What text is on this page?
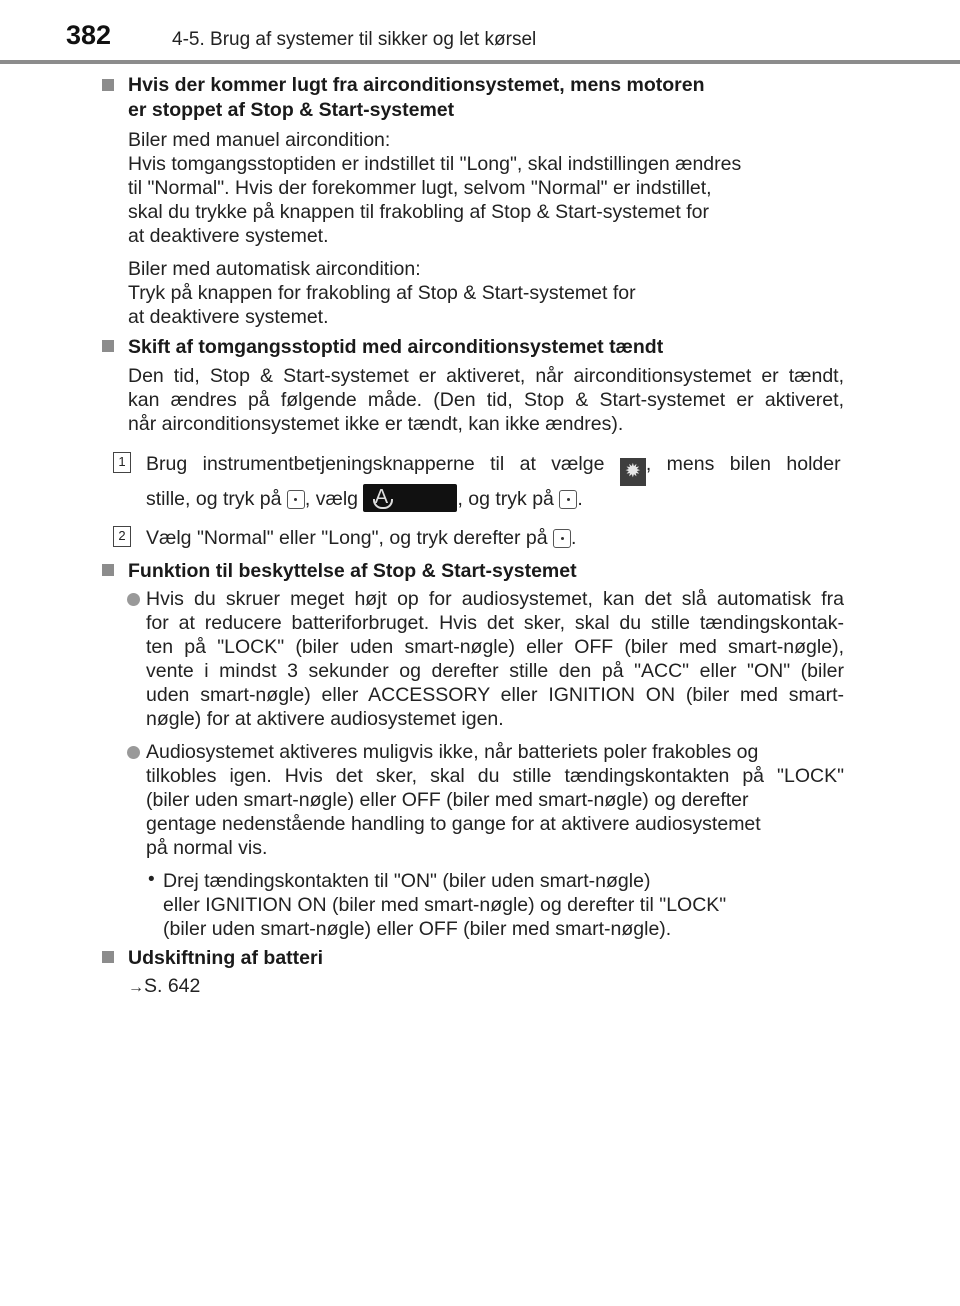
382	4-5. Brug af systemer til sikker og let kørsel
Hvis der kommer lugt fra airconditionsystemet, mens motoren
er stoppet af Stop & Start-systemet
Biler med manuel aircondition:
Hvis tomgangsstoptiden er indstillet til "Long", skal indstillingen ændres
til "Normal". Hvis der forekommer lugt, selvom "Normal" er indstillet,
skal du trykke på knappen til frakobling af Stop & Start-systemet for
at deaktivere systemet.
Biler med automatisk aircondition:
Tryk på knappen for frakobling af Stop & Start-systemet for
at deaktivere systemet.
Skift af tomgangsstoptid med airconditionsystemet tændt
Den tid, Stop & Start-systemet er aktiveret, når airconditionsystemet er tændt,
kan ændres på følgende måde. (Den tid, Stop & Start-systemet er aktiveret,
når airconditionsystemet ikke er tændt, kan ikke ændres).
1 Brug instrumentbetjeningsknapperne til at vælge ✹ , mens bilen holder
stille, og tryk på , vælg A	, og tryk på .
2 Vælg "Normal" eller "Long", og tryk derefter på .
Funktion til beskyttelse af Stop & Start-systemet
Hvis du skruer meget højt op for audiosystemet, kan det slå automatisk fra
for at reducere batteriforbruget. Hvis det sker, skal du stille tændingskontak-
ten på "LOCK" (biler uden smart-nøgle) eller OFF (biler med smart-nøgle),
vente i mindst 3 sekunder og derefter stille den på "ACC" eller "ON" (biler
uden smart-nøgle) eller ACCESSORY eller IGNITION ON (biler med smart-
nøgle) for at aktivere audiosystemet igen.
Audiosystemet aktiveres muligvis ikke, når batteriets poler frakobles og
tilkobles igen. Hvis det sker, skal du stille tændingskontakten på "LOCK"
(biler uden smart-nøgle) eller OFF (biler med smart-nøgle) og derefter
gentage nedenstående handling to gange for at aktivere audiosystemet
på normal vis.
• Drej tændingskontakten til "ON" (biler uden smart-nøgle)
eller IGNITION ON (biler med smart-nøgle) og derefter til "LOCK"
(biler uden smart-nøgle) eller OFF (biler med smart-nøgle).
Udskiftning af batteri
→S. 642
